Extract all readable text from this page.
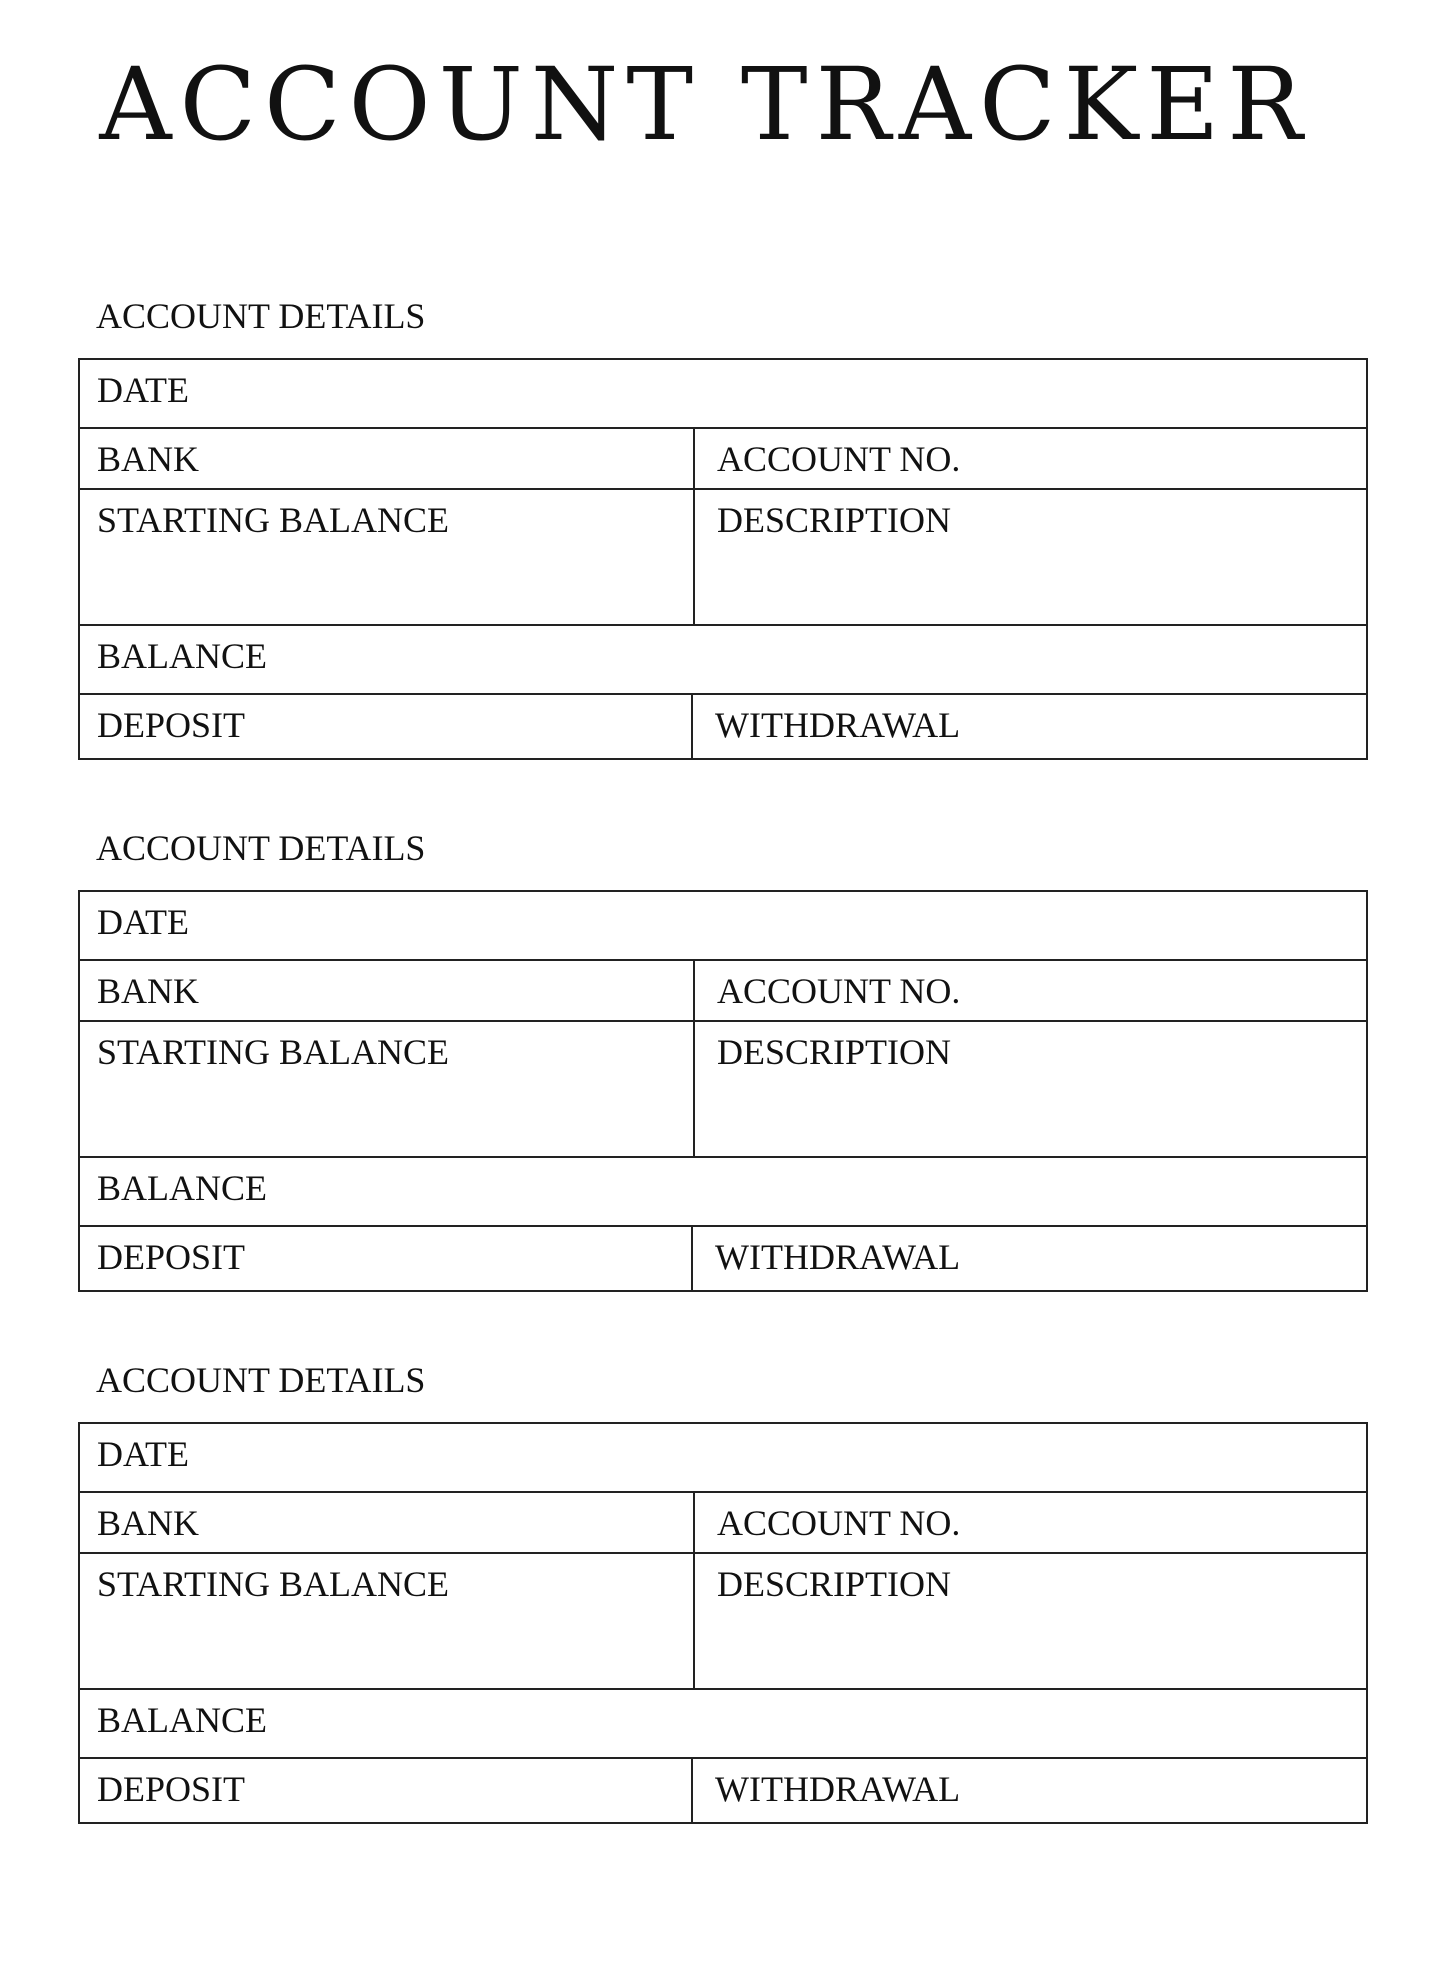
ACCOUNT TRACKER
ACCOUNT DETAILS
DATE
BANK	ACCOUNT NO.
STARTING BALANCE	DESCRIPTION
BALANCE
DEPOSIT	WITHDRAWAL
ACCOUNT DETAILS
DATE
BANK	ACCOUNT NO.
STARTING BALANCE	DESCRIPTION
BALANCE
DEPOSIT	WITHDRAWAL
ACCOUNT DETAILS
DATE
BANK	ACCOUNT NO.
STARTING BALANCE	DESCRIPTION
BALANCE
DEPOSIT	WITHDRAWAL
